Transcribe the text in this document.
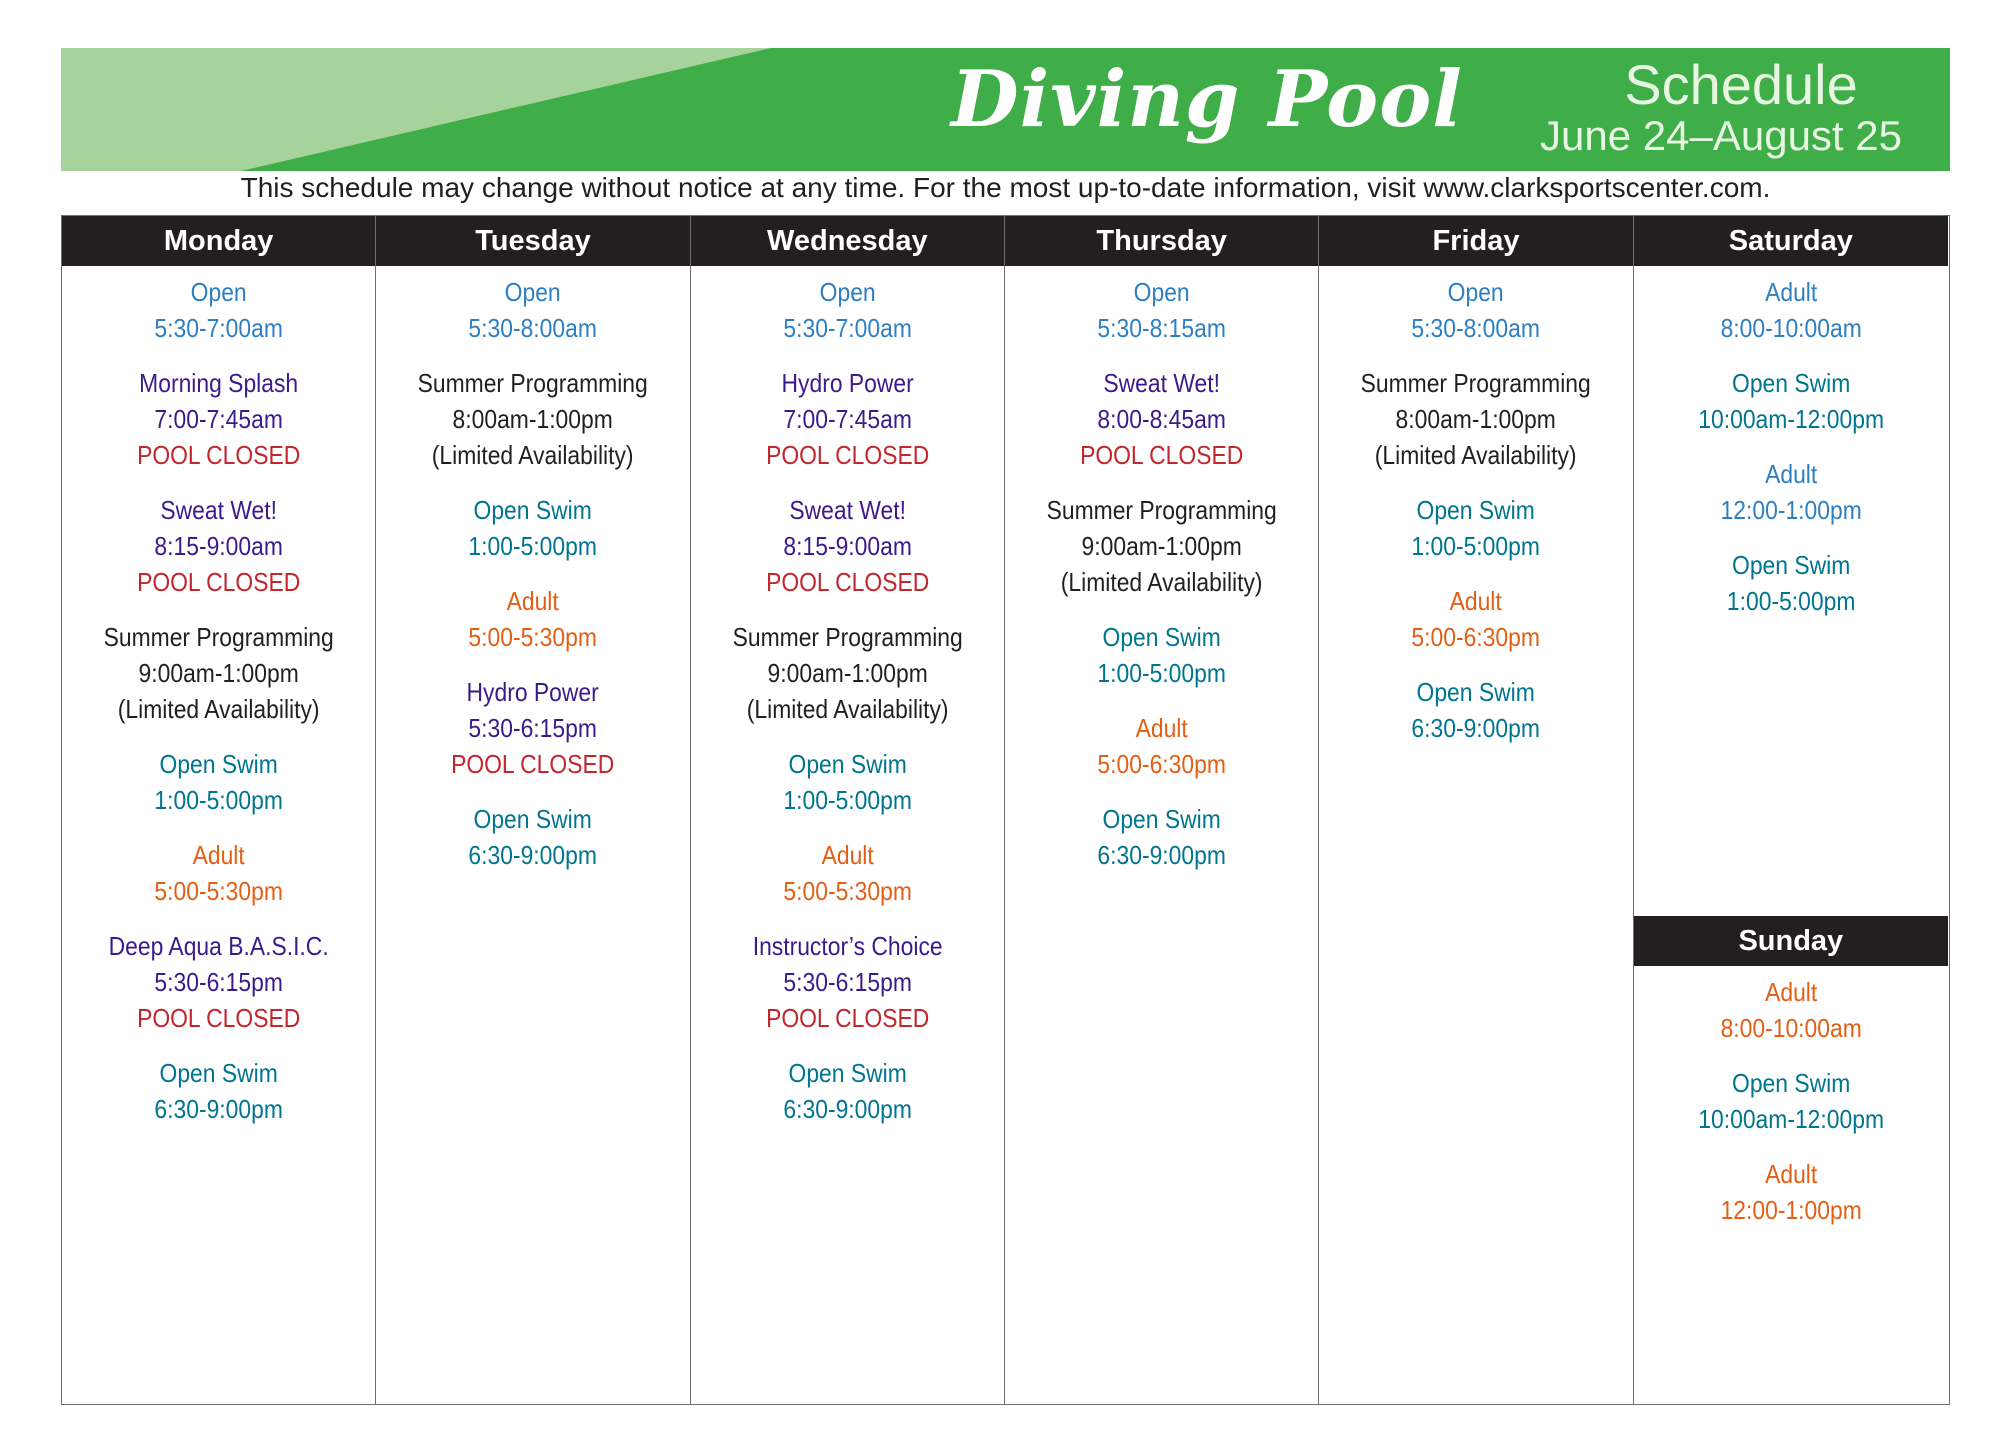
Diving Pool	Schedule
June 24–August 25
This schedule may change without notice at any time. For the most up-to-date information, visit www.clarksportscenter.com.
Monday
Open
5:30-7:00am
Morning Splash
7:00-7:45am
POOL CLOSED
Sweat Wet!
8:15-9:00am
POOL CLOSED
Summer Programming
9:00am-1:00pm
(Limited Availability)
Open Swim
1:00-5:00pm
Adult
5:00-5:30pm
Deep Aqua B.A.S.I.C.
5:30-6:15pm
POOL CLOSED
Open Swim
6:30-9:00pm
Tuesday
Open
5:30-8:00am
Summer Programming
8:00am-1:00pm
(Limited Availability)
Open Swim
1:00-5:00pm
Adult
5:00-5:30pm
Hydro Power
5:30-6:15pm
POOL CLOSED
Open Swim
6:30-9:00pm
Wednesday
Open
5:30-7:00am
Hydro Power
7:00-7:45am
POOL CLOSED
Sweat Wet!
8:15-9:00am
POOL CLOSED
Summer Programming
9:00am-1:00pm
(Limited Availability)
Open Swim
1:00-5:00pm
Adult
5:00-5:30pm
Instructor’s Choice
5:30-6:15pm
POOL CLOSED
Open Swim
6:30-9:00pm
Thursday
Open
5:30-8:15am
Sweat Wet!
8:00-8:45am
POOL CLOSED
Summer Programming
9:00am-1:00pm
(Limited Availability)
Open Swim
1:00-5:00pm
Adult
5:00-6:30pm
Open Swim
6:30-9:00pm
Friday
Open
5:30-8:00am
Summer Programming
8:00am-1:00pm
(Limited Availability)
Open Swim
1:00-5:00pm
Adult
5:00-6:30pm
Open Swim
6:30-9:00pm
Saturday
Adult
8:00-10:00am
Open Swim
10:00am-12:00pm
Adult
12:00-1:00pm
Open Swim
1:00-5:00pm
Sunday
Adult
8:00-10:00am
Open Swim
10:00am-12:00pm
Adult
12:00-1:00pm
